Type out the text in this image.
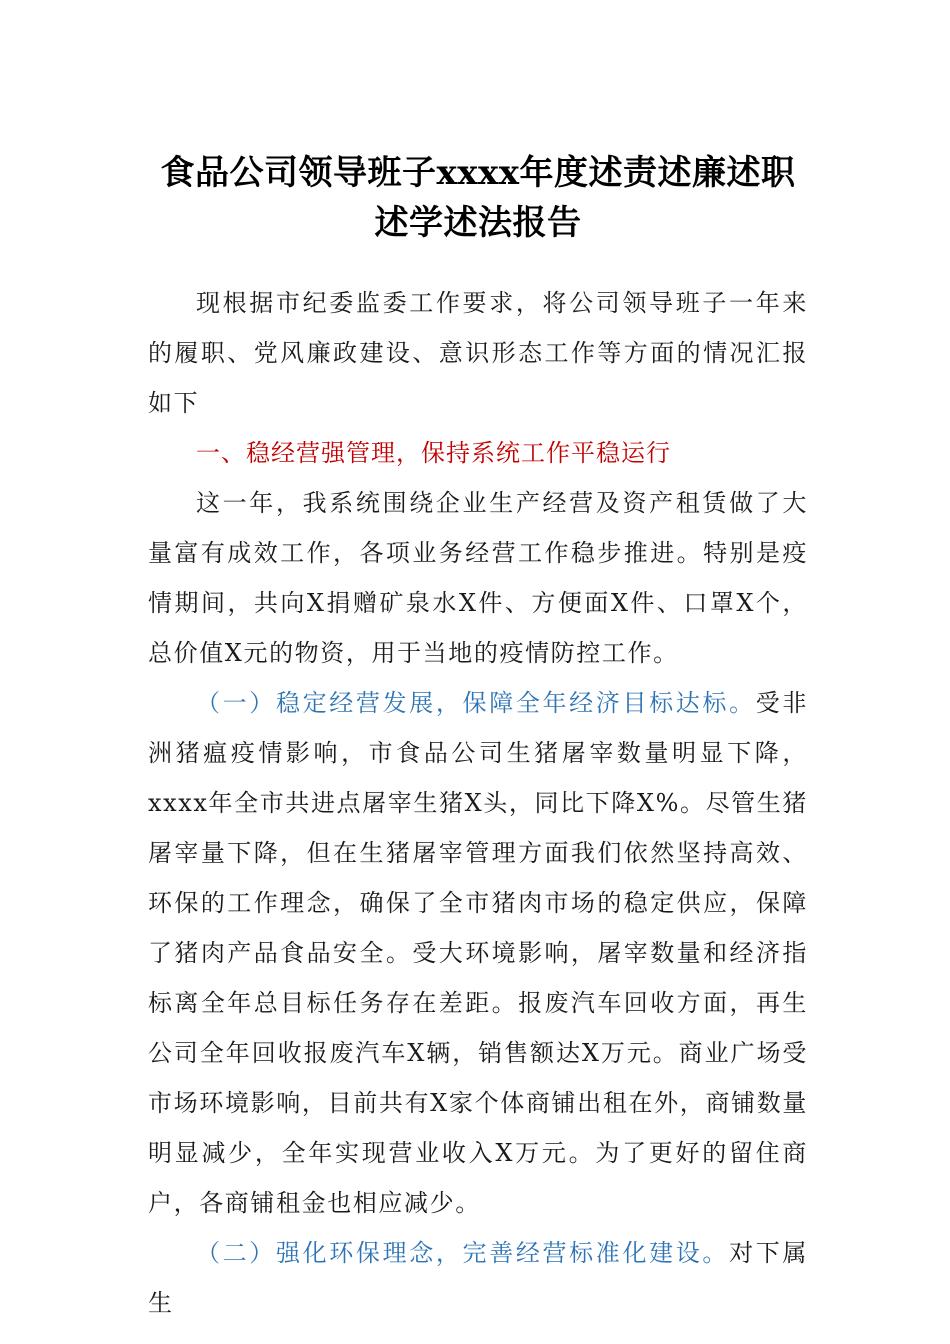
食品公司领导班子xxxx年度述责述廉述职
述学述法报告

现根据市纪委监委工作要求，将公司领导班子一年来的履职、党风廉政建设、意识形态工作等方面的情况汇报如下

一、稳经营强管理，保持系统工作平稳运行

这一年，我系统围绕企业生产经营及资产租赁做了大量富有成效工作，各项业务经营工作稳步推进。特别是疫情期间，共向X捐赠矿泉水X件、方便面X件、口罩X个，总价值X元的物资，用于当地的疫情防控工作。

（一）稳定经营发展，保障全年经济目标达标。受非洲猪瘟疫情影响，市食品公司生猪屠宰数量明显下降，xxxx年全市共进点屠宰生猪X头，同比下降X%。尽管生猪屠宰量下降，但在生猪屠宰管理方面我们依然坚持高效、环保的工作理念，确保了全市猪肉市场的稳定供应，保障了猪肉产品食品安全。受大环境影响，屠宰数量和经济指标离全年总目标任务存在差距。报废汽车回收方面，再生公司全年回收报废汽车X辆，销售额达X万元。商业广场受市场环境影响，目前共有X家个体商铺出租在外，商铺数量明显减少，全年实现营业收入X万元。为了更好的留住商户，各商铺租金也相应减少。

（二）强化环保理念，完善经营标准化建设。对下属生
